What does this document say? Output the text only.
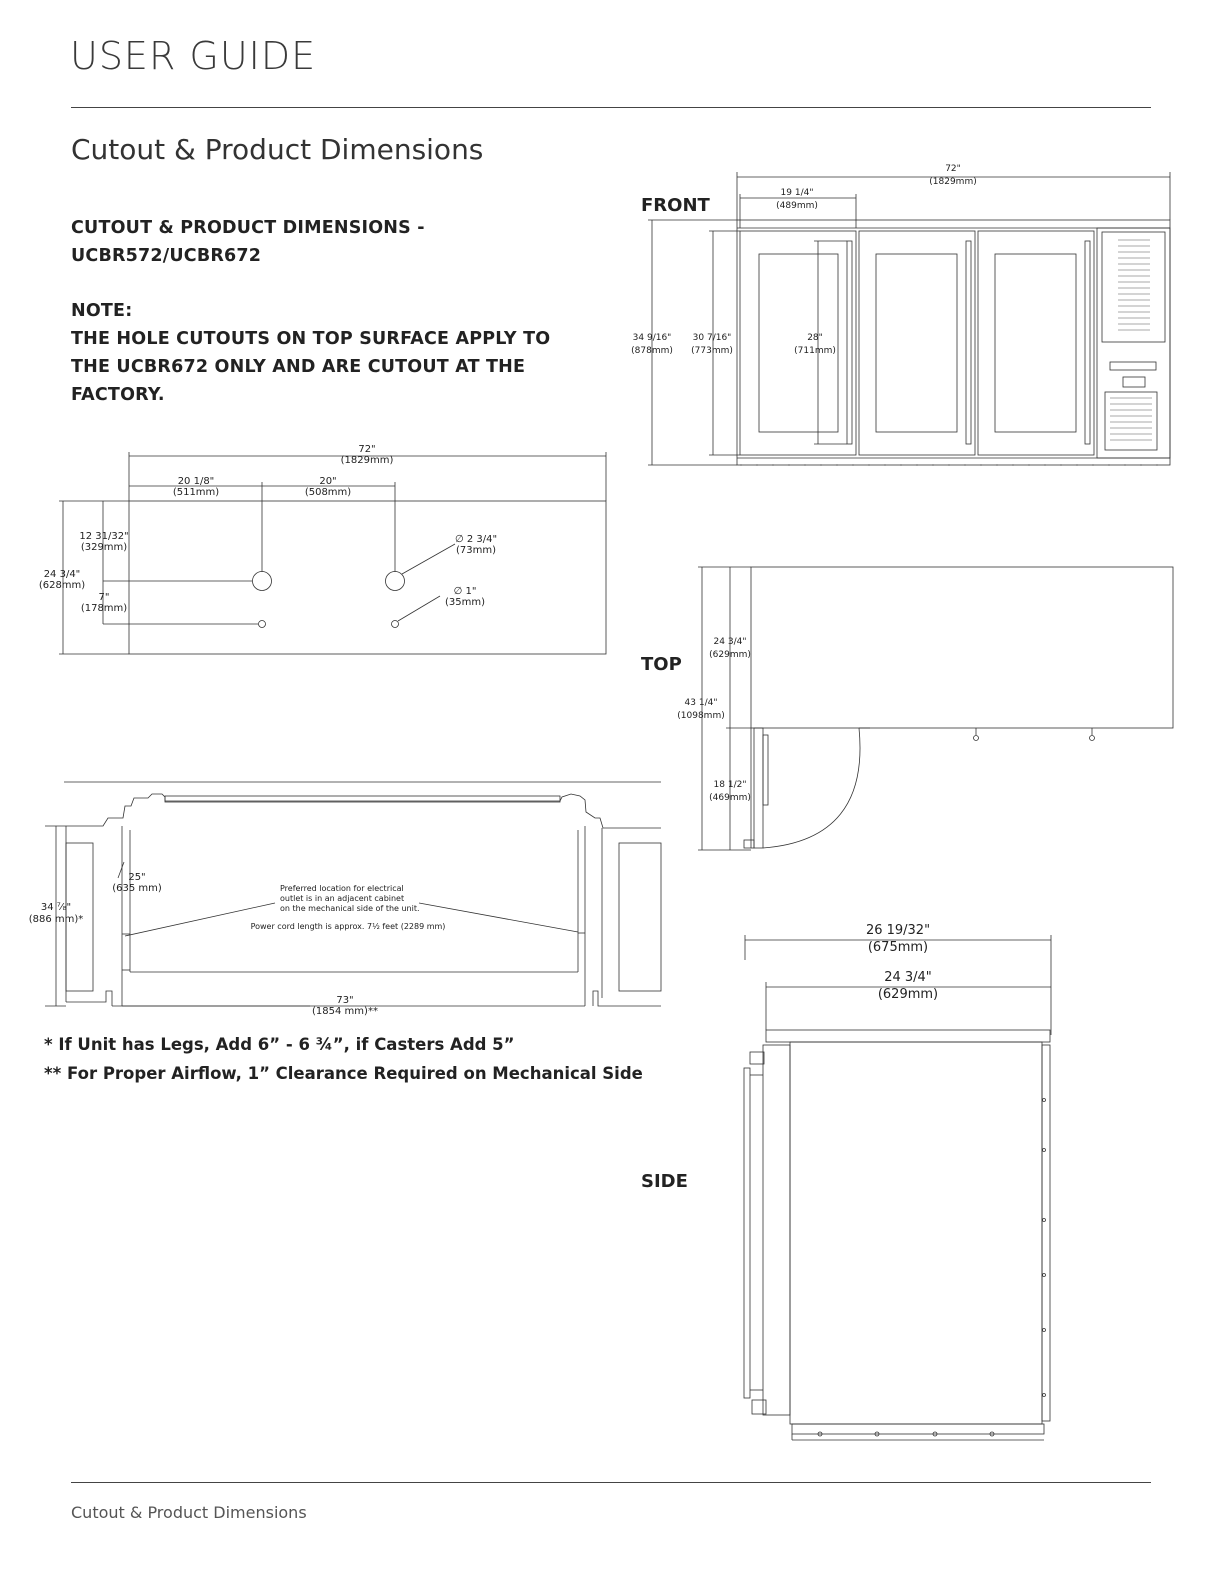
USER GUIDE
Cutout & Product Dimensions
CUTOUT & PRODUCT DIMENSIONS -
UCBR572/UCBR672
NOTE:
THE HOLE CUTOUTS ON TOP SURFACE APPLY TO
THE UCBR672 ONLY AND ARE CUTOUT AT THE
FACTORY.
FRONT
TOP
SIDE
72"
(1829mm)
20 1/8"
(511mm)
20"
(508mm)
24 3/4"
(628mm)
12 31/32"
(329mm)
7"
(178mm)
∅ 2 3/4"
(73mm)
∅ 1"
(35mm)
34 ⁷⁄₈"
(886 mm)*
25"
(635 mm)
73"
(1854 mm)**
Preferred location for electrical
outlet is in an adjacent cabinet
on the mechanical side of the unit.
Power cord length is approx. 7½ feet (2289 mm)
72"
(1829mm)
19 1/4"
(489mm)
34 9/16"
(878mm)
30 7/16"
(773mm)
28"
(711mm)
24 3/4"
(629mm)
43 1/4"
(1098mm)
18 1/2"
(469mm)
26 19/32"
(675mm)
24 3/4"
(629mm)
* If Unit has Legs, Add 6” - 6 ¾”, if Casters Add 5”
** For Proper Airflow, 1” Clearance Required on Mechanical Side
Cutout & Product Dimensions
